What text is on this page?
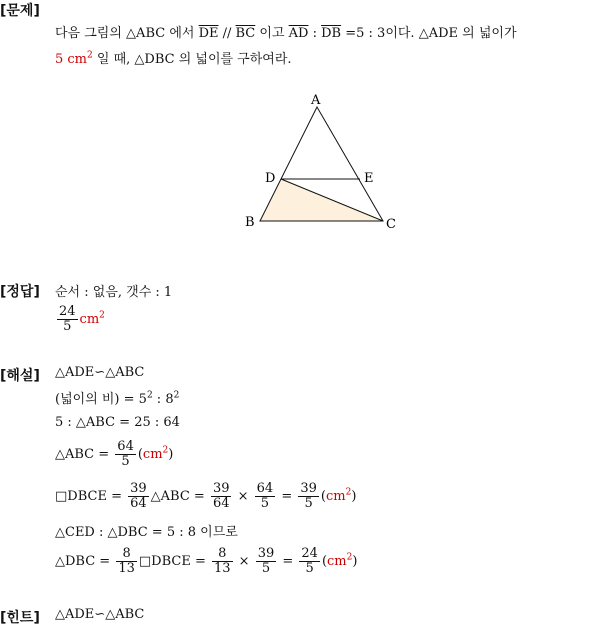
[문제]
다음 그림의 △ABC 에서 $\overline{DE} // \overline{BC}$ 이고 $\overline{AD}$ : $\overline{DB} =5$ : 3이다. △ADE 의 넓이가
5 $cm^2$ 일 때, △DBC 의 넓이를 구하여라.
A
D	E
B	C
[정답] 순서 : 없음, 갯수 : 1
$\frac{24}{5} cm^2$
[해설] △ADE∽△ABC
(넓이의 비) = $5^2$ : $8^2$
5 : △ABC = 25 : 64
△ABC = $\frac{64}{5} (cm^2)$
□DBCE = $\frac{39}{64}$ △ABC = $\frac{39}{64} \times \frac{64}{5} = \frac{39}{5} (cm^2)$
△CED : △DBC = 5 : 8 이므로
△DBC = $\frac{8}{13}$ □DBCE = $\frac{8}{13} \times \frac{39}{5} = \frac{24}{5} (cm^2)$
[힌트] △ADE∽△ABC
